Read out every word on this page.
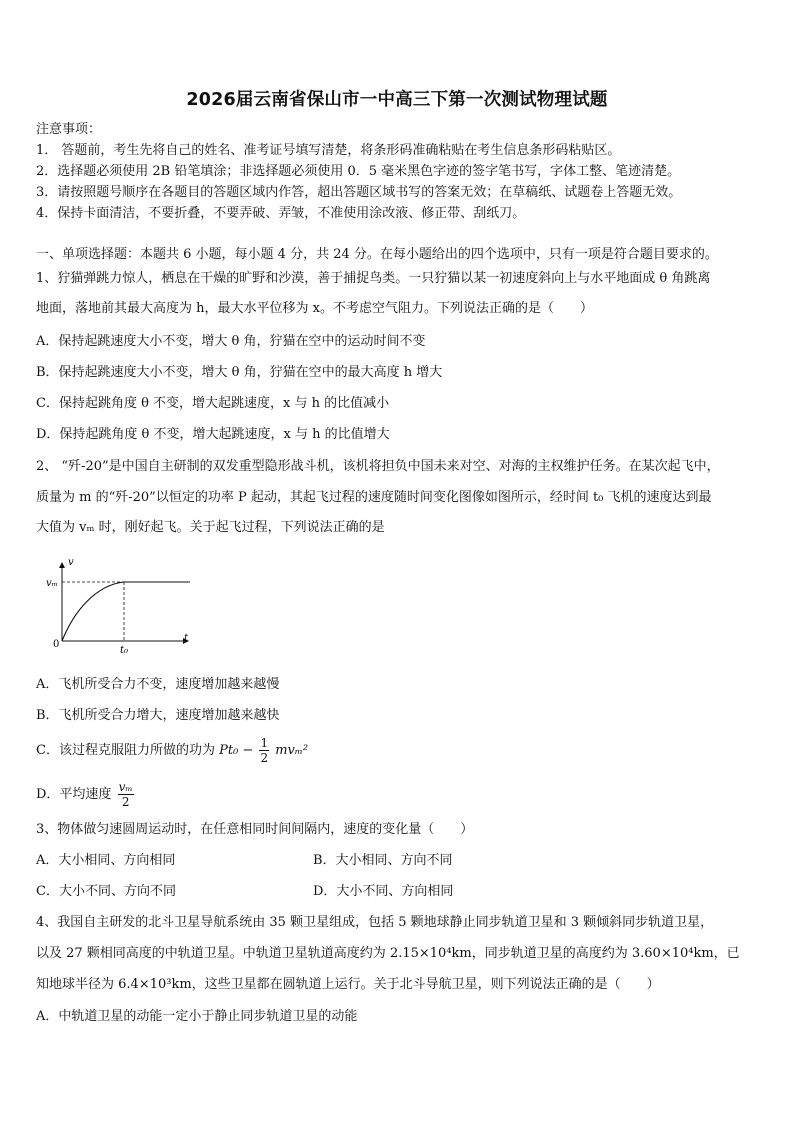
2026届云南省保山市一中高三下第一次测试物理试题
注意事项：
1． 答题前，考生先将自己的姓名、准考证号填写清楚，将条形码准确粘贴在考生信息条形码粘贴区。
2．选择题必须使用 2B 铅笔填涂；非选择题必须使用 0．5 毫米黑色字迹的签字笔书写，字体工整、笔迹清楚。
3．请按照题号顺序在各题目的答题区域内作答，超出答题区域书写的答案无效；在草稿纸、试题卷上答题无效。
4．保持卡面清洁，不要折叠，不要弄破、弄皱，不准使用涂改液、修正带、刮纸刀。
一、单项选择题：本题共 6 小题，每小题 4 分，共 24 分。在每小题给出的四个选项中，只有一项是符合题目要求的。
1、狞猫弹跳力惊人，栖息在干燥的旷野和沙漠，善于捕捉鸟类。一只狞猫以某一初速度斜向上与水平地面成 θ 角跳离
地面，落地前其最大高度为 h，最大水平位移为 x。不考虑空气阻力。下列说法正确的是（　　）
A．保持起跳速度大小不变，增大 θ 角，狞猫在空中的运动时间不变
B．保持起跳速度大小不变，增大 θ 角，狞猫在空中的最大高度 h 增大
C．保持起跳角度 θ 不变，增大起跳速度，x 与 h 的比值减小
D．保持起跳角度 θ 不变，增大起跳速度，x 与 h 的比值增大
2、 “歼-20”是中国自主研制的双发重型隐形战斗机，该机将担负中国未来对空、对海的主权维护任务。在某次起飞中，
质量为 m 的“歼-20”以恒定的功率 P 起动，其起飞过程的速度随时间变化图像如图所示，经时间 t₀ 飞机的速度达到最
大值为 vₘ 时，刚好起飞。关于起飞过程，下列说法正确的是
v
t
0
vₘ
t₀
A．飞机所受合力不变，速度增加越来越慢
B．飞机所受合力增大，速度增加越来越快
C．该过程克服阻力所做的功为 $Pt_0 - \frac{1}{2} mv_m^2$
D．平均速度 $\frac{\text{vₘ}}{2}$
3、物体做匀速圆周运动时，在任意相同时间间隔内，速度的变化量（　　）
A．大小相同、方向相同	B．大小相同、方向不同
C．大小不同、方向不同	D．大小不同、方向相同
4、我国自主研发的北斗卫星导航系统由 35 颗卫星组成，包括 5 颗地球静止同步轨道卫星和 3 颗倾斜同步轨道卫星，
以及 27 颗相同高度的中轨道卫星。中轨道卫星轨道高度约为 2.15×10⁴km，同步轨道卫星的高度约为 3.60×10⁴km，已
知地球半径为 6.4×10³km，这些卫星都在圆轨道上运行。关于北斗导航卫星，则下列说法正确的是（　　）
A．中轨道卫星的动能一定小于静止同步轨道卫星的动能
